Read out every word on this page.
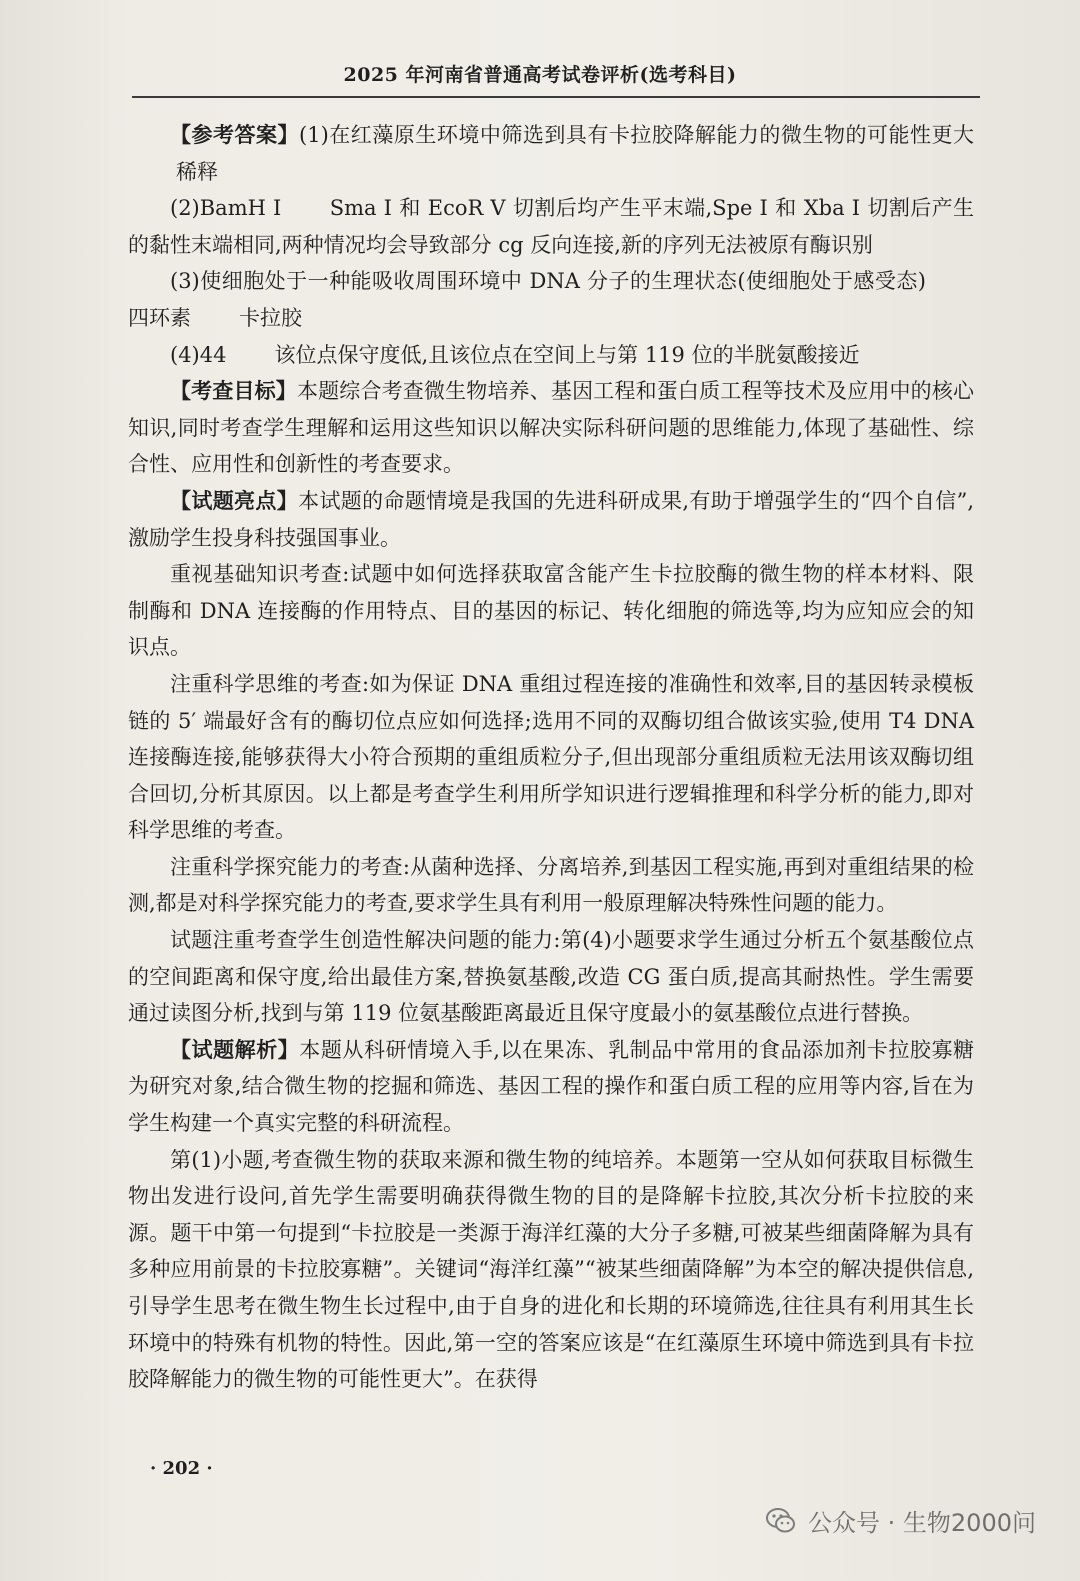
2025 年河南省普通高考试卷评析(选考科目)

【参考答案】(1)在红藻原生环境中筛选到具有卡拉胶降解能力的微生物的可能性更大稀释

(2)BamH Ⅰ Sma Ⅰ 和 EcoR Ⅴ 切割后均产生平末端,Spe Ⅰ 和 Xba Ⅰ 切割后产生的黏性末端相同,两种情况均会导致部分 cg 反向连接,新的序列无法被原有酶识别

(3)使细胞处于一种能吸收周围环境中 DNA 分子的生理状态(使细胞处于感受态)四环素 卡拉胶

(4)44 该位点保守度低,且该位点在空间上与第 119 位的半胱氨酸接近

【考查目标】本题综合考查微生物培养、基因工程和蛋白质工程等技术及应用中的核心知识,同时考查学生理解和运用这些知识以解决实际科研问题的思维能力,体现了基础性、综合性、应用性和创新性的考查要求。

【试题亮点】本试题的命题情境是我国的先进科研成果,有助于增强学生的“四个自信”,激励学生投身科技强国事业。

重视基础知识考查:试题中如何选择获取富含能产生卡拉胶酶的微生物的样本材料、限制酶和 DNA 连接酶的作用特点、目的基因的标记、转化细胞的筛选等,均为应知应会的知识点。

注重科学思维的考查:如为保证 DNA 重组过程连接的准确性和效率,目的基因转录模板链的 5′ 端最好含有的酶切位点应如何选择;选用不同的双酶切组合做该实验,使用 T4 DNA 连接酶连接,能够获得大小符合预期的重组质粒分子,但出现部分重组质粒无法用该双酶切组合回切,分析其原因。以上都是考查学生利用所学知识进行逻辑推理和科学分析的能力,即对科学思维的考查。

注重科学探究能力的考查:从菌种选择、分离培养,到基因工程实施,再到对重组结果的检测,都是对科学探究能力的考查,要求学生具有利用一般原理解决特殊性问题的能力。

试题注重考查学生创造性解决问题的能力:第(4)小题要求学生通过分析五个氨基酸位点的空间距离和保守度,给出最佳方案,替换氨基酸,改造 CG 蛋白质,提高其耐热性。学生需要通过读图分析,找到与第 119 位氨基酸距离最近且保守度最小的氨基酸位点进行替换。

【试题解析】本题从科研情境入手,以在果冻、乳制品中常用的食品添加剂卡拉胶寡糖为研究对象,结合微生物的挖掘和筛选、基因工程的操作和蛋白质工程的应用等内容,旨在为学生构建一个真实完整的科研流程。

第(1)小题,考查微生物的获取来源和微生物的纯培养。本题第一空从如何获取目标微生物出发进行设问,首先学生需要明确获得微生物的目的是降解卡拉胶,其次分析卡拉胶的来源。题干中第一句提到“卡拉胶是一类源于海洋红藻的大分子多糖,可被某些细菌降解为具有多种应用前景的卡拉胶寡糖”。关键词“海洋红藻”“被某些细菌降解”为本空的解决提供信息,引导学生思考在微生物生长过程中,由于自身的进化和长期的环境筛选,往往具有利用其生长环境中的特殊有机物的特性。因此,第一空的答案应该是“在红藻原生环境中筛选到具有卡拉胶降解能力的微生物的可能性更大”。在获得

· 202 ·
公众号 · 生物2000问
